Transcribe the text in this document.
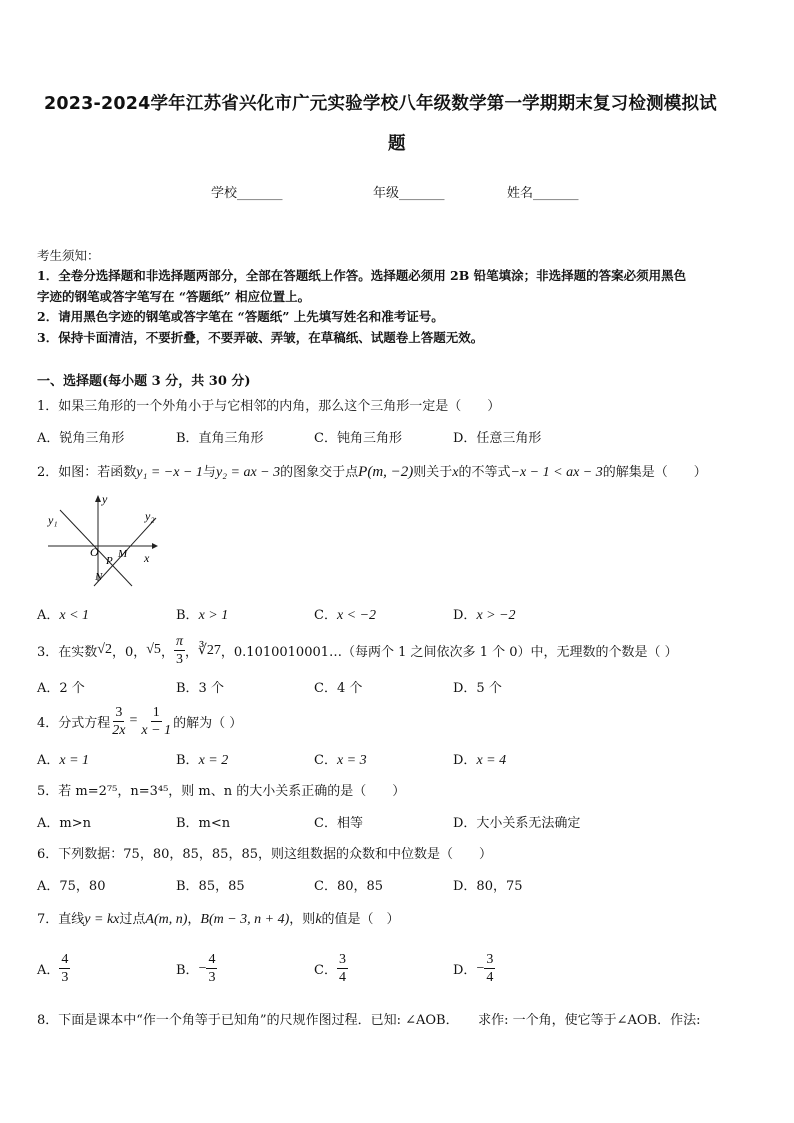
2023-2024学年江苏省兴化市广元实验学校八年级数学第一学期期末复习检测模拟试
题
学校_______	年级_______	姓名_______
考生须知：
1．全卷分选择题和非选择题两部分，全部在答题纸上作答。选择题必须用 2B 铅笔填涂；非选择题的答案必须用黑色
字迹的钢笔或答字笔写在 “答题纸” 相应位置上。
2．请用黑色字迹的钢笔或答字笔在 “答题纸” 上先填写姓名和准考证号。
3．保持卡面清洁，不要折叠，不要弄破、弄皱，在草稿纸、试题卷上答题无效。
一、选择题(每小题 3 分，共 30 分)
1．如果三角形的一个外角小于与它相邻的内角，那么这个三角形一定是（　　）
A．锐角三角形	B．直角三角形	C．钝角三角形	D．任意三角形
2．如图：若函数y₁ = −x − 1与y₂ = ax − 3的图象交于点P(m, −2)则关于x的不等式−x − 1 < ax − 3的解集是（　　）
y
x
y₁	y₂
O
P
M
N
A．x < 1	B．x > 1	C．x < −2	D．x > −2
3．在实数 √2 ，0， √5 ， $\frac{\pi}{3}$ ， ∛27 ，0.1010010001…（每两个 1 之间依次多 1 个 0）中，无理数的个数是（ ）
A．2 个	B．3 个	C．4 个	D．5 个
4．分式方程 $\frac{3}{2x} = \frac{1}{x - 1}$ 的解为（ ）
A．x = 1	B．x = 2	C．x = 3	D．x = 4
5．若 m=2⁷⁵，n=3⁴⁵，则 m、n 的大小关系正确的是（　　）
A．m>n	B．m<n	C．相等	D．大小关系无法确定
6．下列数据：75，80，85，85，85，则这组数据的众数和中位数是（　　）
A．75，80	B．85，85	C．80，85	D．80，75
7．直线y = kx过点A(m, n)，B(m − 3, n + 4)，则k的值是（　）
A． $\frac{4}{3}$	B． − $\frac{4}{3}$	C． $\frac{3}{4}$	D． − $\frac{3}{4}$
8．下面是课本中“作一个角等于已知角”的尺规作图过程．已知: ∠AOB．　　求作: 一个角，使它等于∠AOB．作法:
